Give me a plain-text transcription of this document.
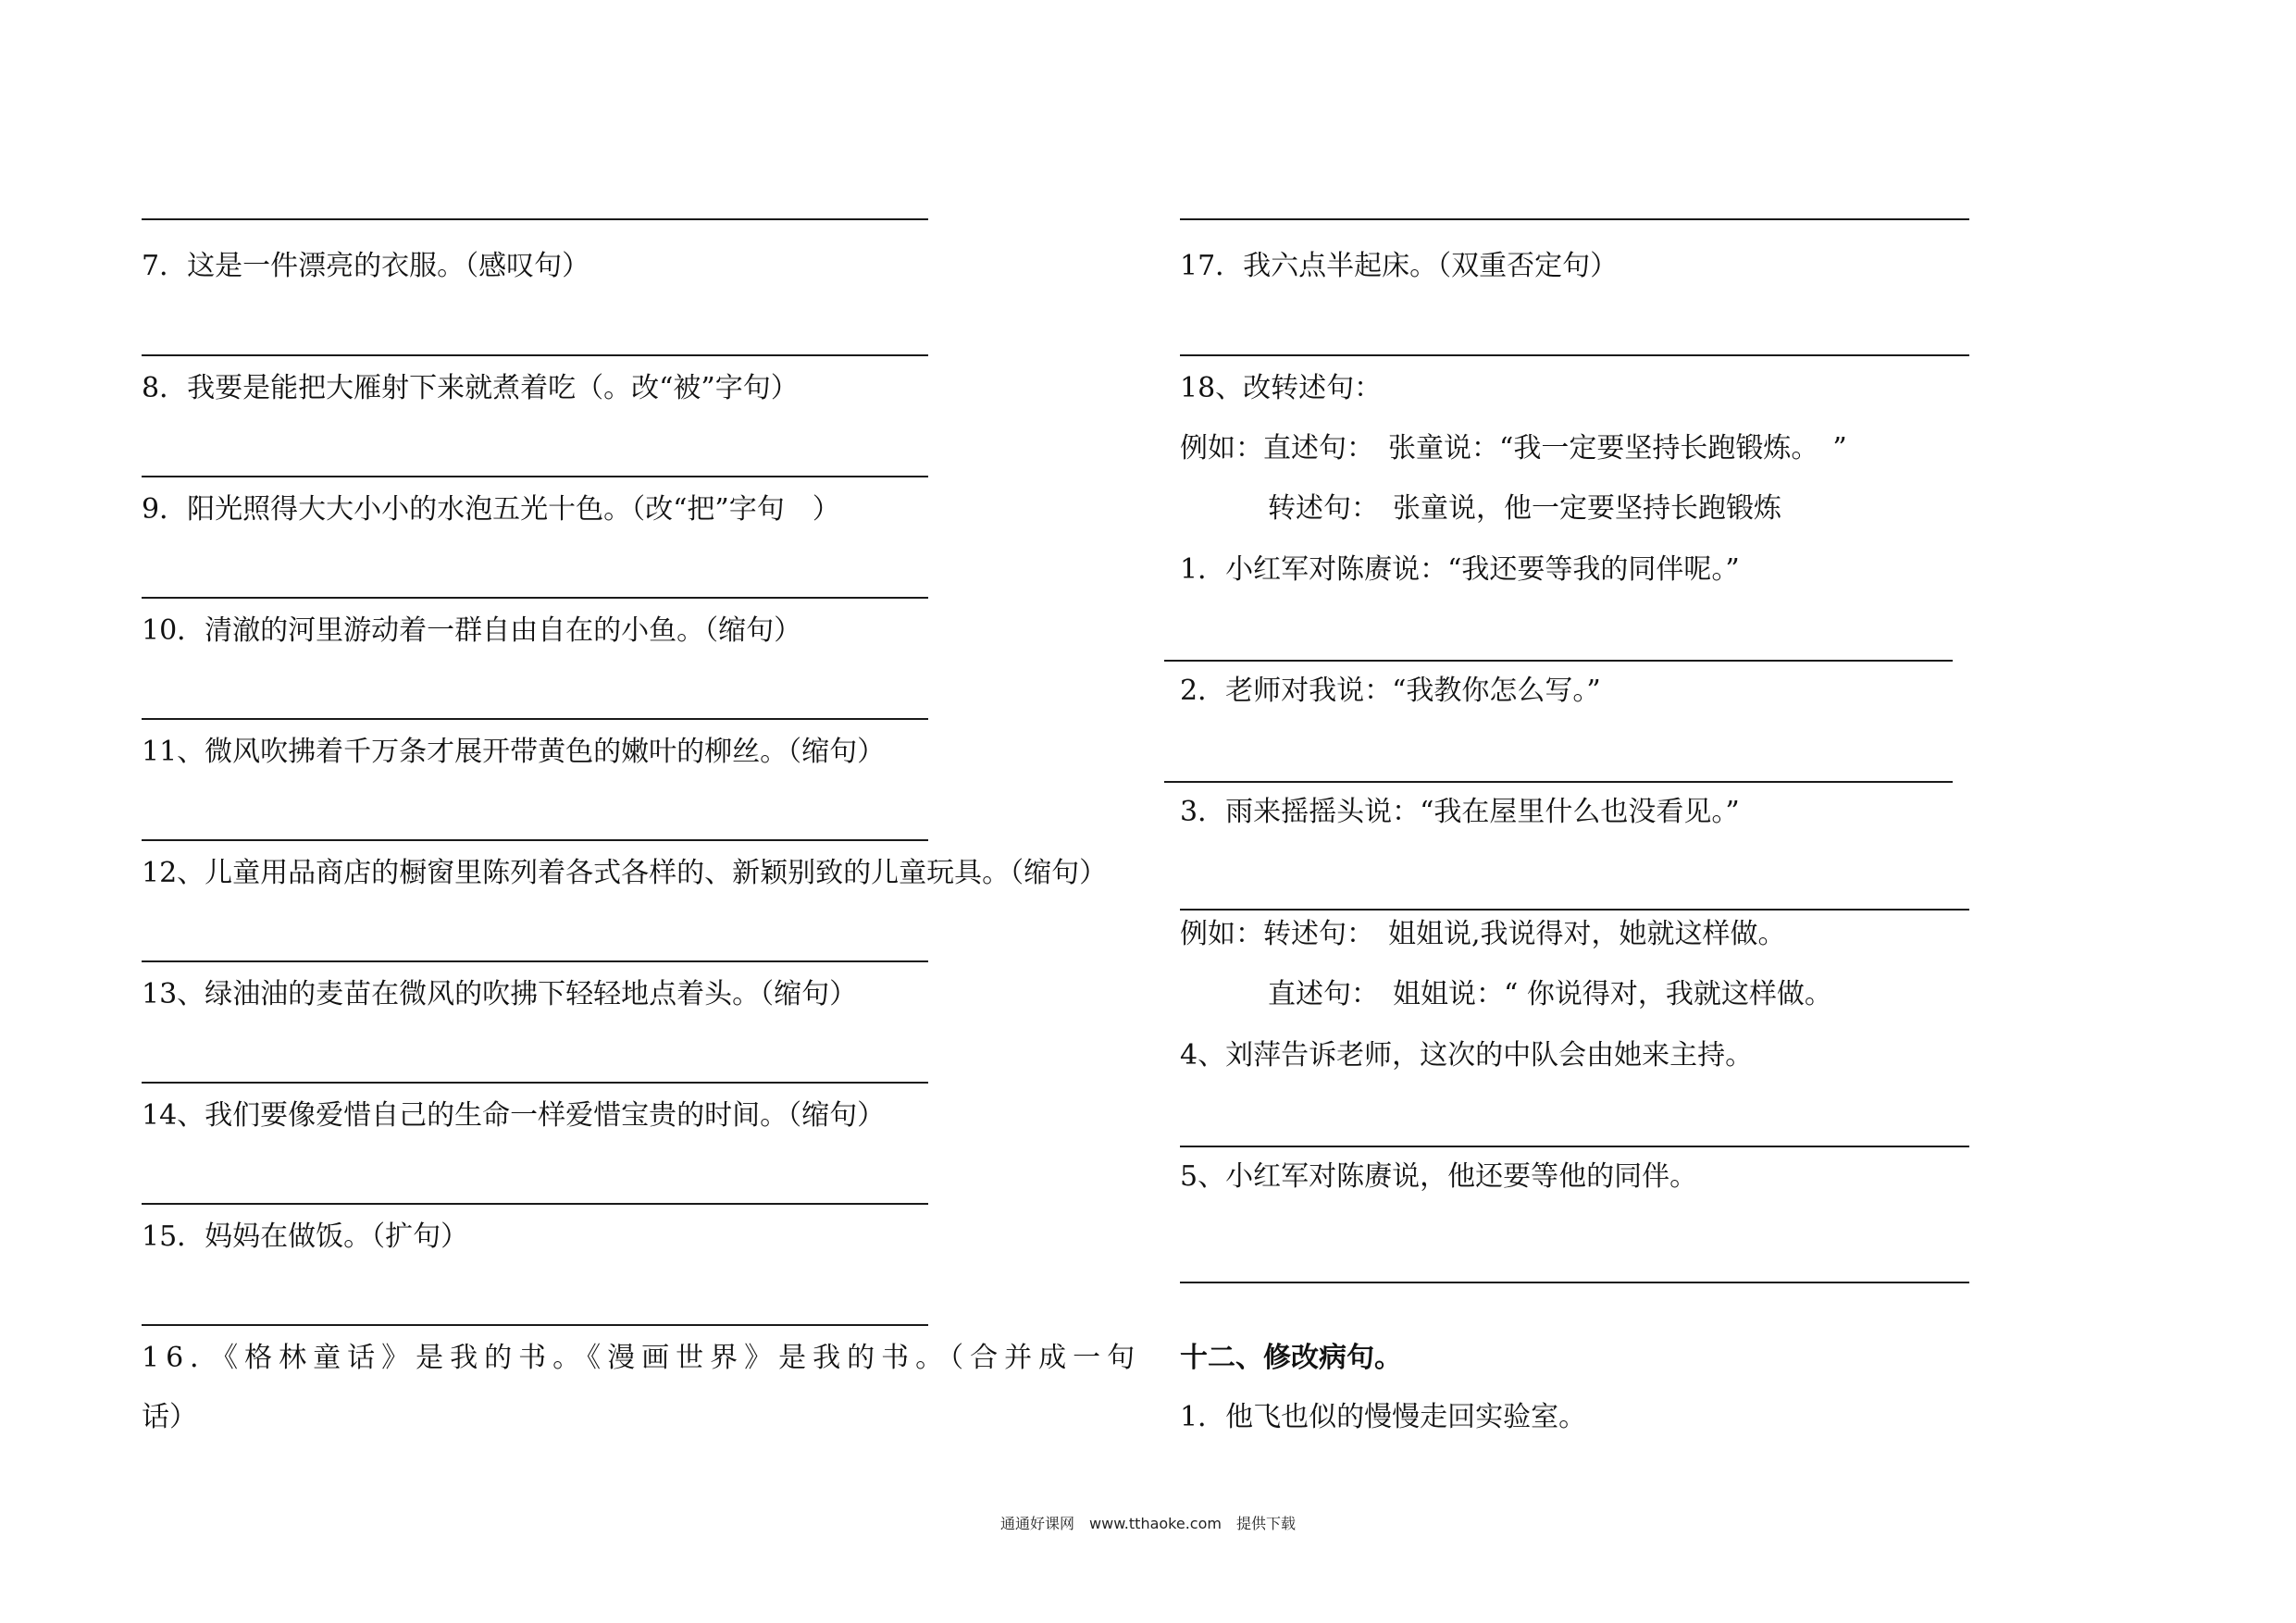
7．这是一件漂亮的衣服。（感叹句）
8．我要是能把大雁射下来就煮着吃（。改“被”字句）
9．阳光照得大大小小的水泡五光十色。（改“把”字句　）
10．清澈的河里游动着一群自由自在的小鱼。（缩句）
11、微风吹拂着千万条才展开带黄色的嫩叶的柳丝。（缩句）
12、儿童用品商店的橱窗里陈列着各式各样的、新颖别致的儿童玩具。（缩句）
13、绿油油的麦苗在微风的吹拂下轻轻地点着头。（缩句）
14、我们要像爱惜自己的生命一样爱惜宝贵的时间。（缩句）
15．妈妈在做饭。（扩句）
16．《格林童话》是我的书。《漫画世界》是我的书。（合并成一句
话）
17．我六点半起床。（双重否定句）
18、改转述句：
例如：直述句：　张童说：“我一定要坚持长跑锻炼。　”
转述句：　张童说，他一定要坚持长跑锻炼
1．小红军对陈赓说：“我还要等我的同伴呢。”
2．老师对我说：“我教你怎么写。”
3．雨来摇摇头说：“我在屋里什么也没看见。”
例如：转述句：　姐姐说,我说得对，她就这样做。
直述句：　姐姐说：“ 你说得对，我就这样做。
4、刘萍告诉老师，这次的中队会由她来主持。
5、小红军对陈赓说，他还要等他的同伴。
十二、修改病句。
1．他飞也似的慢慢走回实验室。
通通好课网　www.tthaoke.com　提供下载
